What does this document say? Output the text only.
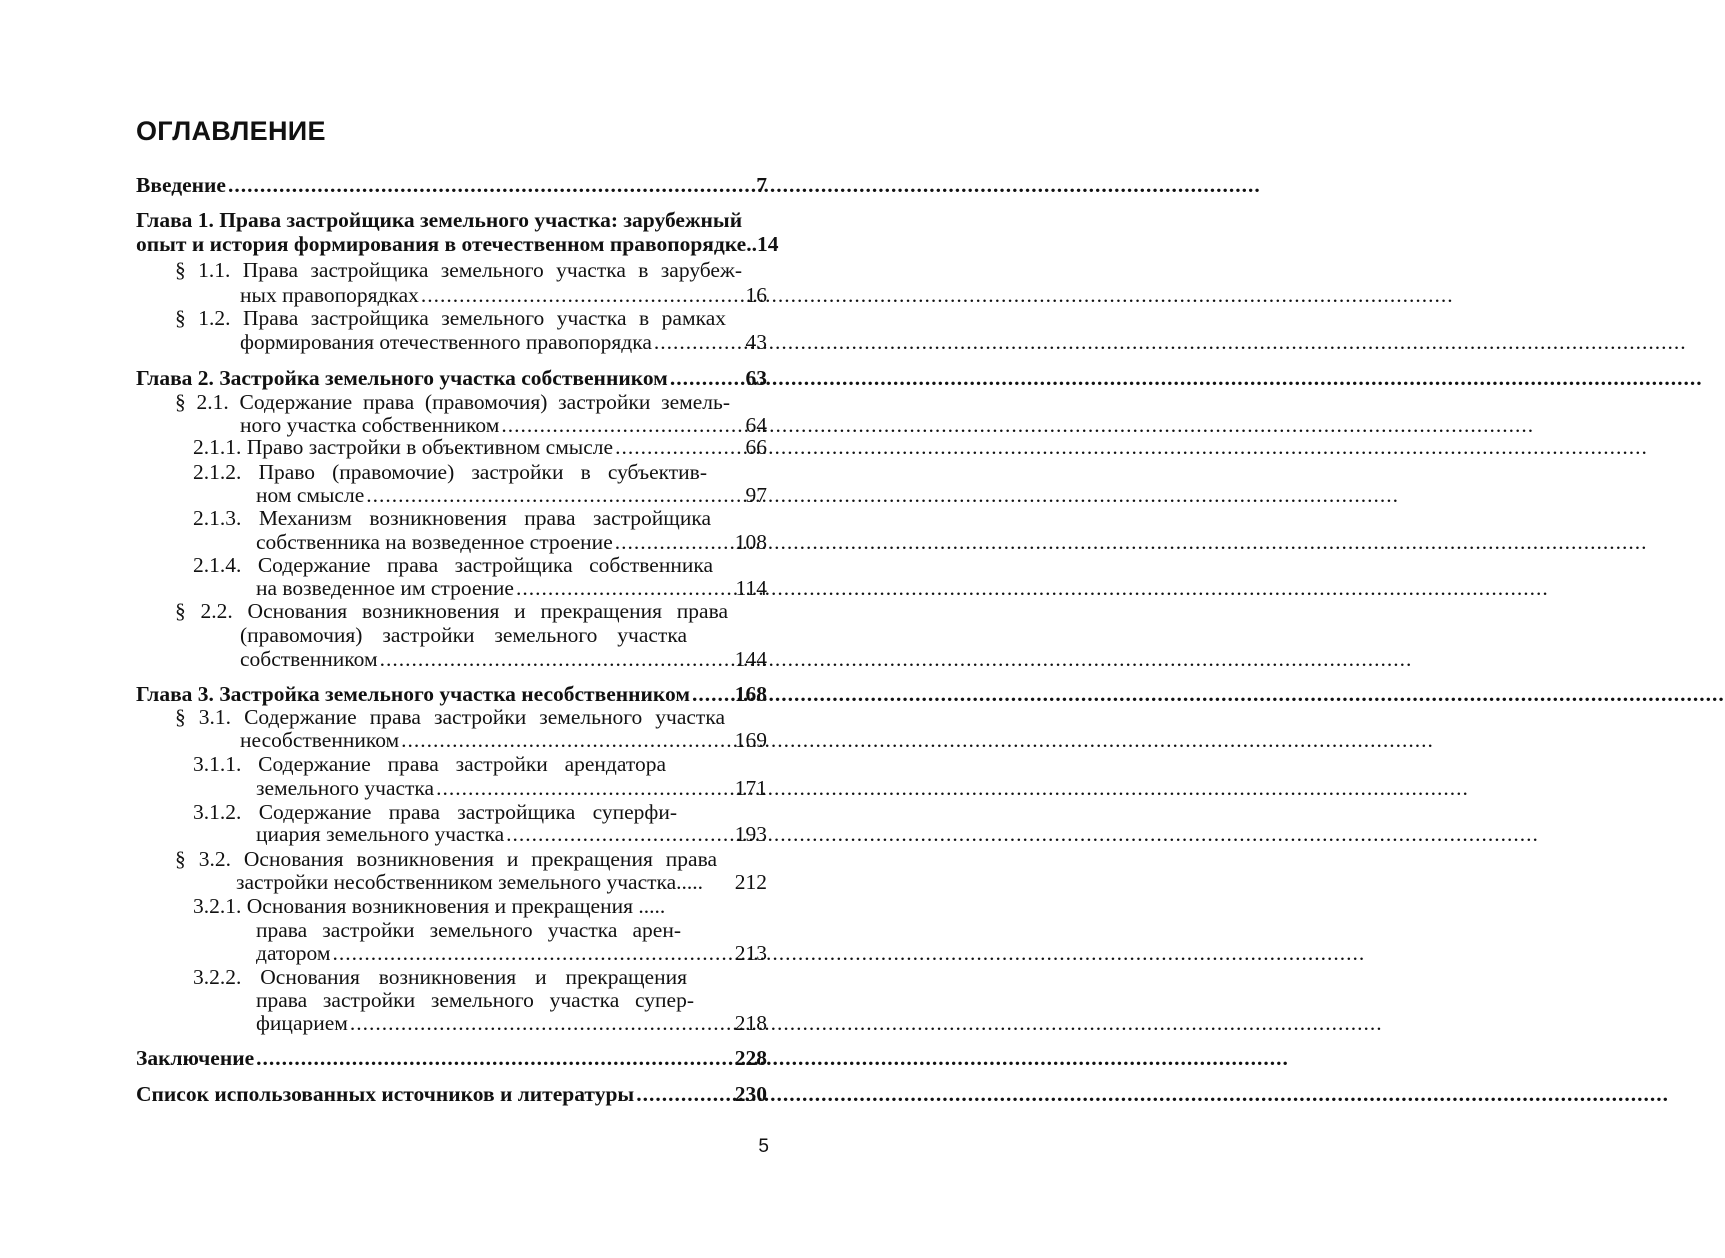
ОГЛАВЛЕНИЕ
Введение .....	7
Глава 1. Права застройщика земельного участка: зарубежный
опыт и история формирования в отечественном правопорядке.. 14
§ 1.1. Права застройщика земельного участка в зарубеж-
ных правопорядках .....	16
§ 1.2. Права застройщика земельного участка в рамках
формирования отечественного правопорядка .....	43
Глава 2. Застройка земельного участка собственником .....	63
§ 2.1. Содержание права (правомочия) застройки земель-
ного участка собственником .....	64
2.1.1. Право застройки в объективном смысле .....	66
2.1.2. Право (правомочие) застройки в субъектив-
ном смысле .....	97
2.1.3. Механизм возникновения права застройщика
собственника на возведенное строение .....	108
2.1.4. Содержание права застройщика собственника
на возведенное им строение .....	114
§ 2.2. Основания возникновения и прекращения права
(правомочия) застройки земельного участка
собственником .....	144
Глава 3. Застройка земельного участка несобственником ..... 168
§ 3.1. Содержание права застройки земельного участка
несобственником .....	169
3.1.1. Содержание права застройки арендатора
земельного участка .....	171
3.1.2. Содержание права застройщика суперфи-
циария земельного участка .....	193
§ 3.2. Основания возникновения и прекращения права
застройки несобственником земельного участка..... 212
3.2.1. Основания возникновения и прекращения .....
права застройки земельного участка арен-
датором .....	213
3.2.2. Основания возникновения и прекращения
права застройки земельного участка супер-
фицарием .....	218
Заключение .....	228
Список использованных источников и литературы .....	230
5
